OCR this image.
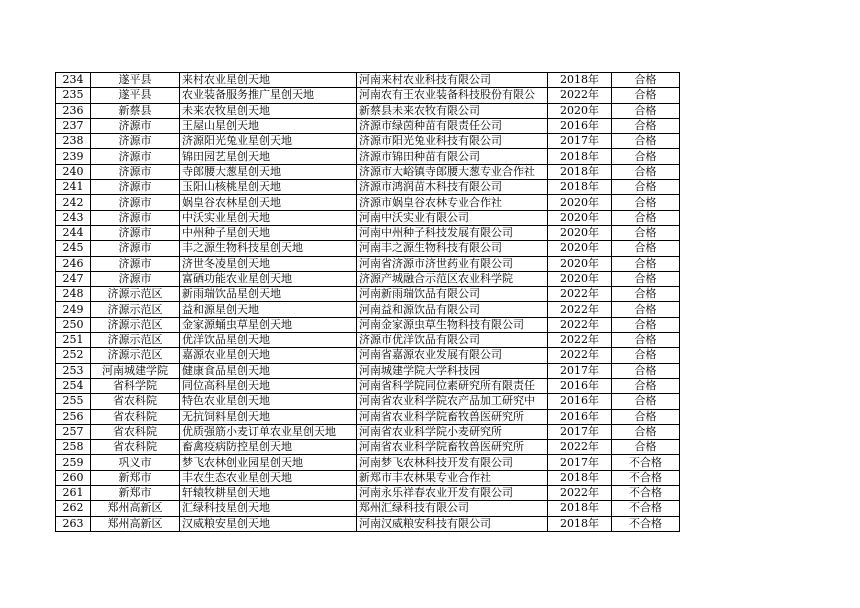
234	遂平县	来村农业星创天地	河南来村农业科技有限公司	2018年	合格
235	遂平县	农业装备服务推广星创天地	河南农有王农业装备科技股份有限公	2022年	合格
236	新蔡县	未来农牧星创天地	新蔡县未来农牧有限公司	2020年	合格
237	济源市	王屋山星创天地	济源市绿茵种苗有限责任公司	2016年	合格
238	济源市	济源阳光兔业星创天地	济源市阳光兔业科技有限公司	2017年	合格
239	济源市	锦田园艺星创天地	济源市锦田种苗有限公司	2018年	合格
240	济源市	寺郎腰大葱星创天地	济源市大峪镇寺郎腰大葱专业合作社	2018年	合格
241	济源市	玉阳山核桃星创天地	济源市鸿润苗木科技有限公司	2018年	合格
242	济源市	娲皇谷农林星创天地	济源市娲皇谷农林专业合作社	2020年	合格
243	济源市	中沃实业星创天地	河南中沃实业有限公司	2020年	合格
244	济源市	中州种子星创天地	河南中州种子科技发展有限公司	2020年	合格
245	济源市	丰之源生物科技星创天地	河南丰之源生物科技有限公司	2020年	合格
246	济源市	济世冬凌星创天地	河南省济源市济世药业有限公司	2020年	合格
247	济源市	富硒功能农业星创天地	济源产城融合示范区农业科学院	2020年	合格
248	济源示范区	新雨瑞饮品星创天地	河南新雨瑞饮品有限公司	2022年	合格
249	济源示范区	益和源星创天地	河南益和源饮品有限公司	2022年	合格
250	济源示范区	金家源蛹虫草星创天地	河南金家源虫草生物科技有限公司	2022年	合格
251	济源示范区	优洋饮品星创天地	济源市优洋饮品有限公司	2022年	合格
252	济源示范区	嘉源农业星创天地	河南省嘉源农业发展有限公司	2022年	合格
253	河南城建学院	健康食品星创天地	河南城建学院大学科技园	2017年	合格
254	省科学院	同位高科星创天地	河南省科学院同位素研究所有限责任	2016年	合格
255	省农科院	特色农业星创天地	河南省农业科学院农产品加工研究中	2016年	合格
256	省农科院	无抗饲料星创天地	河南省农业科学院畜牧兽医研究所	2016年	合格
257	省农科院	优质强筋小麦订单农业星创天地	河南省农业科学院小麦研究所	2017年	合格
258	省农科院	畜禽疫病防控星创天地	河南省农业科学院畜牧兽医研究所	2022年	合格
259	巩义市	梦飞农林创业园星创天地	河南梦飞农林科技开发有限公司	2017年	不合格
260	新郑市	丰农生态农业星创天地	新郑市丰农林果专业合作社	2018年	不合格
261	新郑市	轩辕牧耕星创天地	河南永乐祥春农业开发有限公司	2022年	不合格
262	郑州高新区	汇绿科技星创天地	郑州汇绿科技有限公司	2018年	不合格
263	郑州高新区	汉威粮安星创天地	河南汉威粮安科技有限公司	2018年	不合格
